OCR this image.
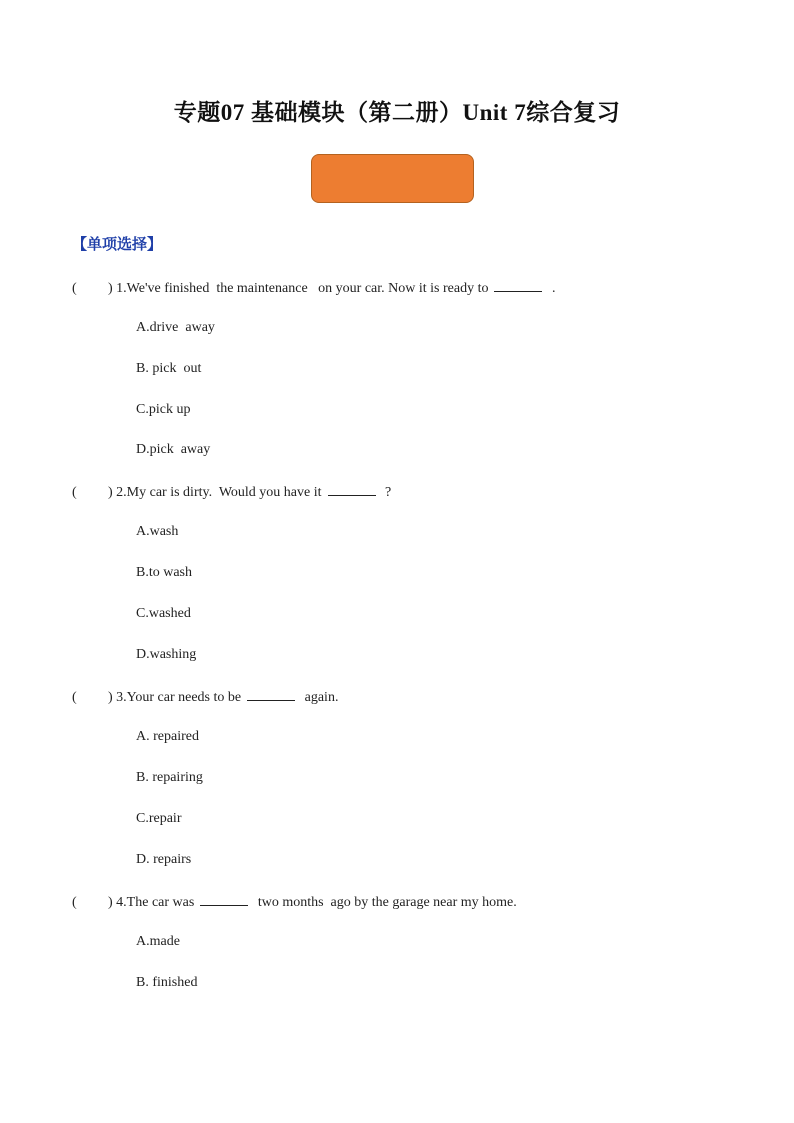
专题07 基础模块（第二册）Unit 7综合复习
【单项选择】
( ) 1.We've finished  the maintenance   on your car. Now it is ready to	.
A.drive  away
B. pick  out
C.pick up
D.pick  away
( ) 2.My car is dirty.  Would you have it	?
A.wash
B.to wash
C.washed
D.washing
( ) 3.Your car needs to be	again.
A. repaired
B. repairing
C.repair
D. repairs
( ) 4.The car was	two months  ago by the garage near my home.
A.made
B. finished
